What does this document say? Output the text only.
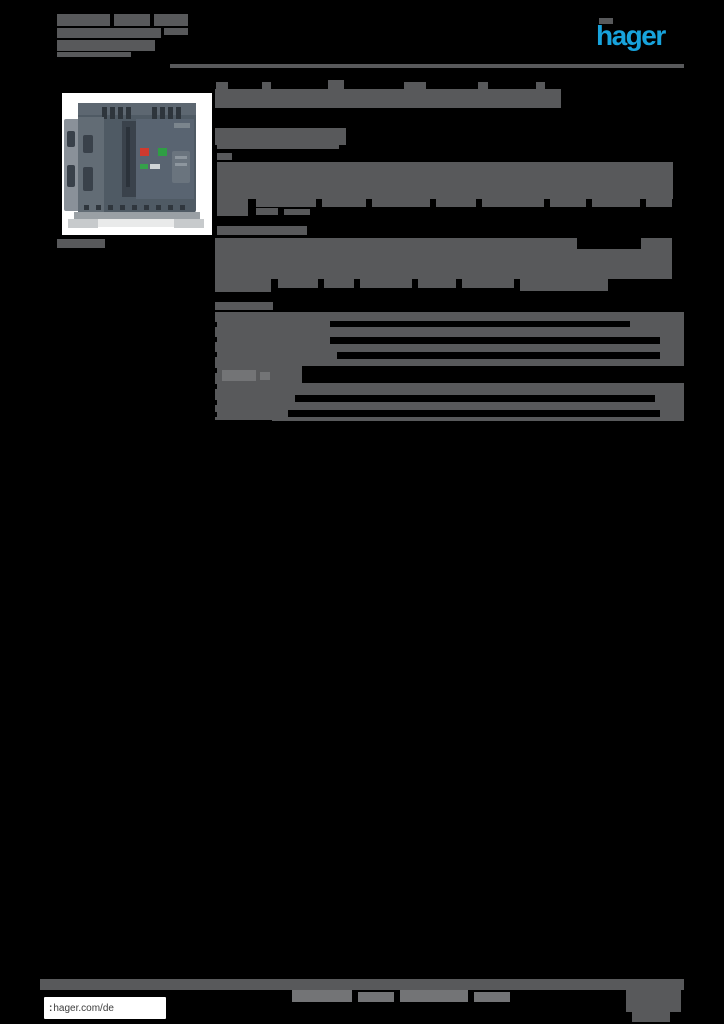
hager
: hager.com/de
